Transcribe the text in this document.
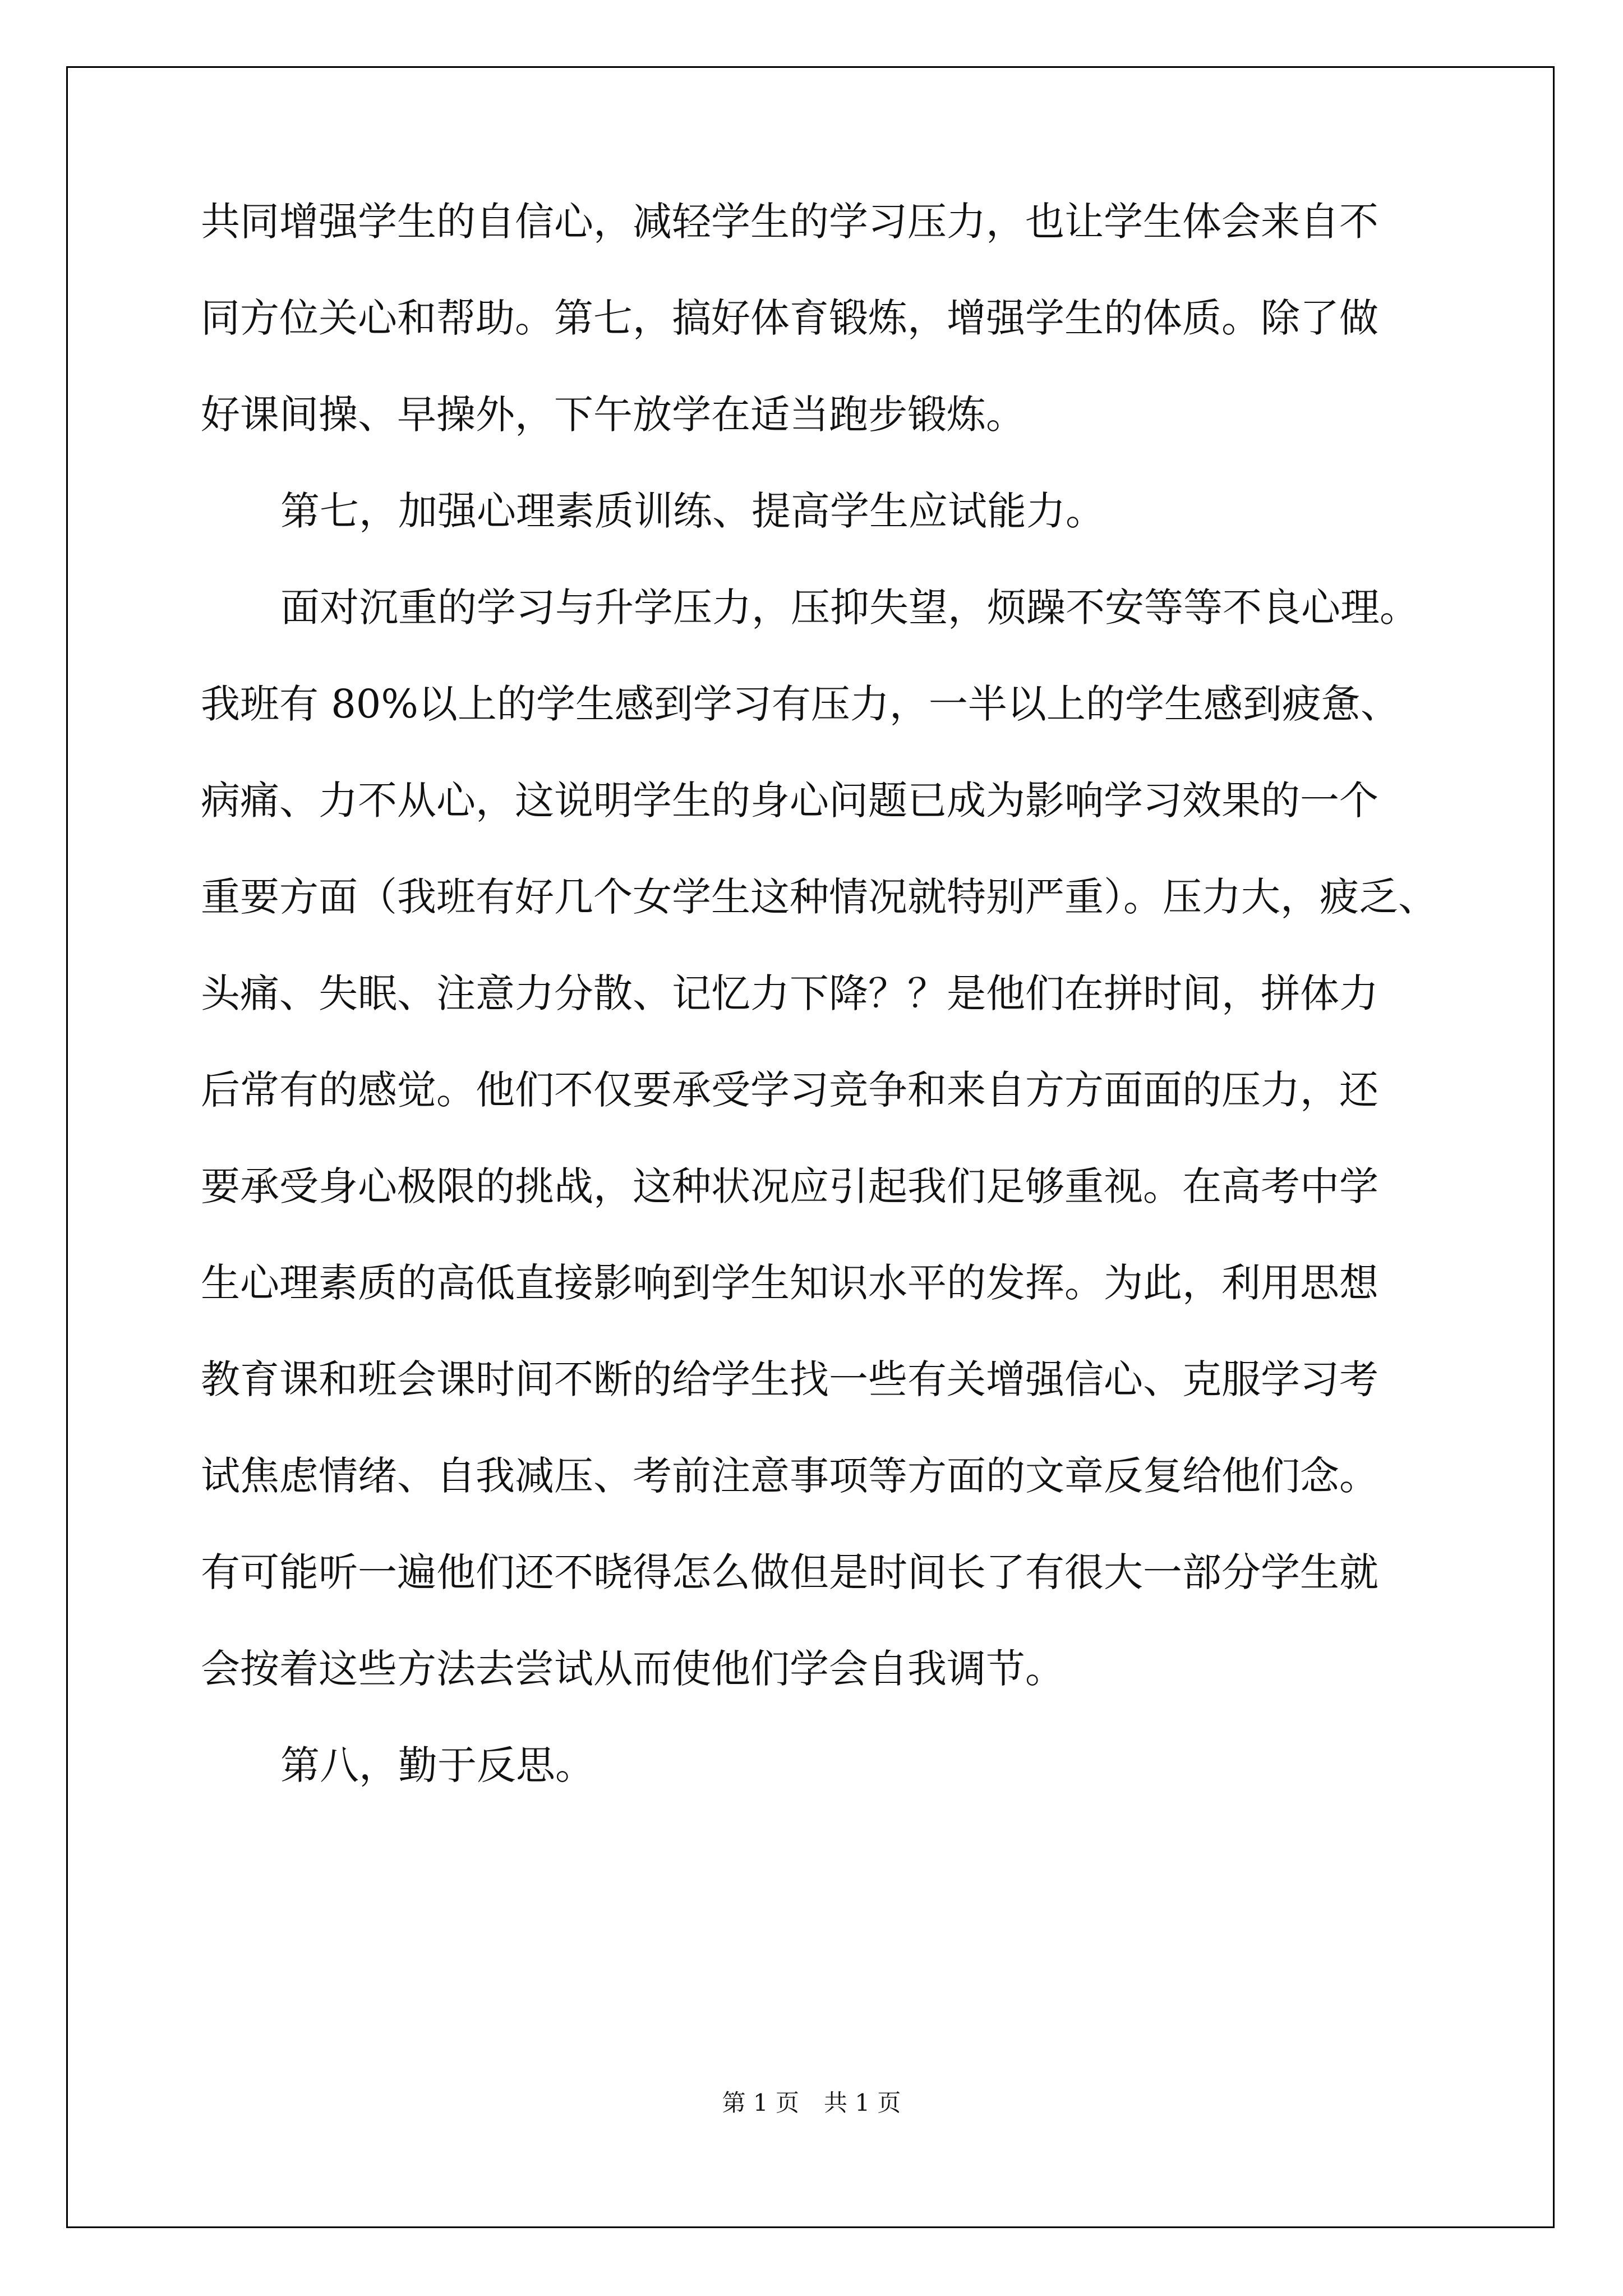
共同增强学生的自信心，减轻学生的学习压力，也让学生体会来自不
同方位关心和帮助。第七，搞好体育锻炼，增强学生的体质。除了做
好课间操、早操外，下午放学在适当跑步锻炼。
第七，加强心理素质训练、提高学生应试能力。
面对沉重的学习与升学压力，压抑失望，烦躁不安等等不良心理。
我班有 80%以上的学生感到学习有压力，一半以上的学生感到疲惫、
病痛、力不从心，这说明学生的身心问题已成为影响学习效果的一个
重要方面（我班有好几个女学生这种情况就特别严重）。压力大，疲乏、
头痛、失眠、注意力分散、记忆力下降？？是他们在拼时间，拼体力
后常有的感觉。他们不仅要承受学习竞争和来自方方面面的压力，还
要承受身心极限的挑战，这种状况应引起我们足够重视。在高考中学
生心理素质的高低直接影响到学生知识水平的发挥。为此，利用思想
教育课和班会课时间不断的给学生找一些有关增强信心、克服学习考
试焦虑情绪、自我减压、考前注意事项等方面的文章反复给他们念。
有可能听一遍他们还不晓得怎么做但是时间长了有很大一部分学生就
会按着这些方法去尝试从而使他们学会自我调节。
第八，勤于反思。
第 1 页 共 1 页
